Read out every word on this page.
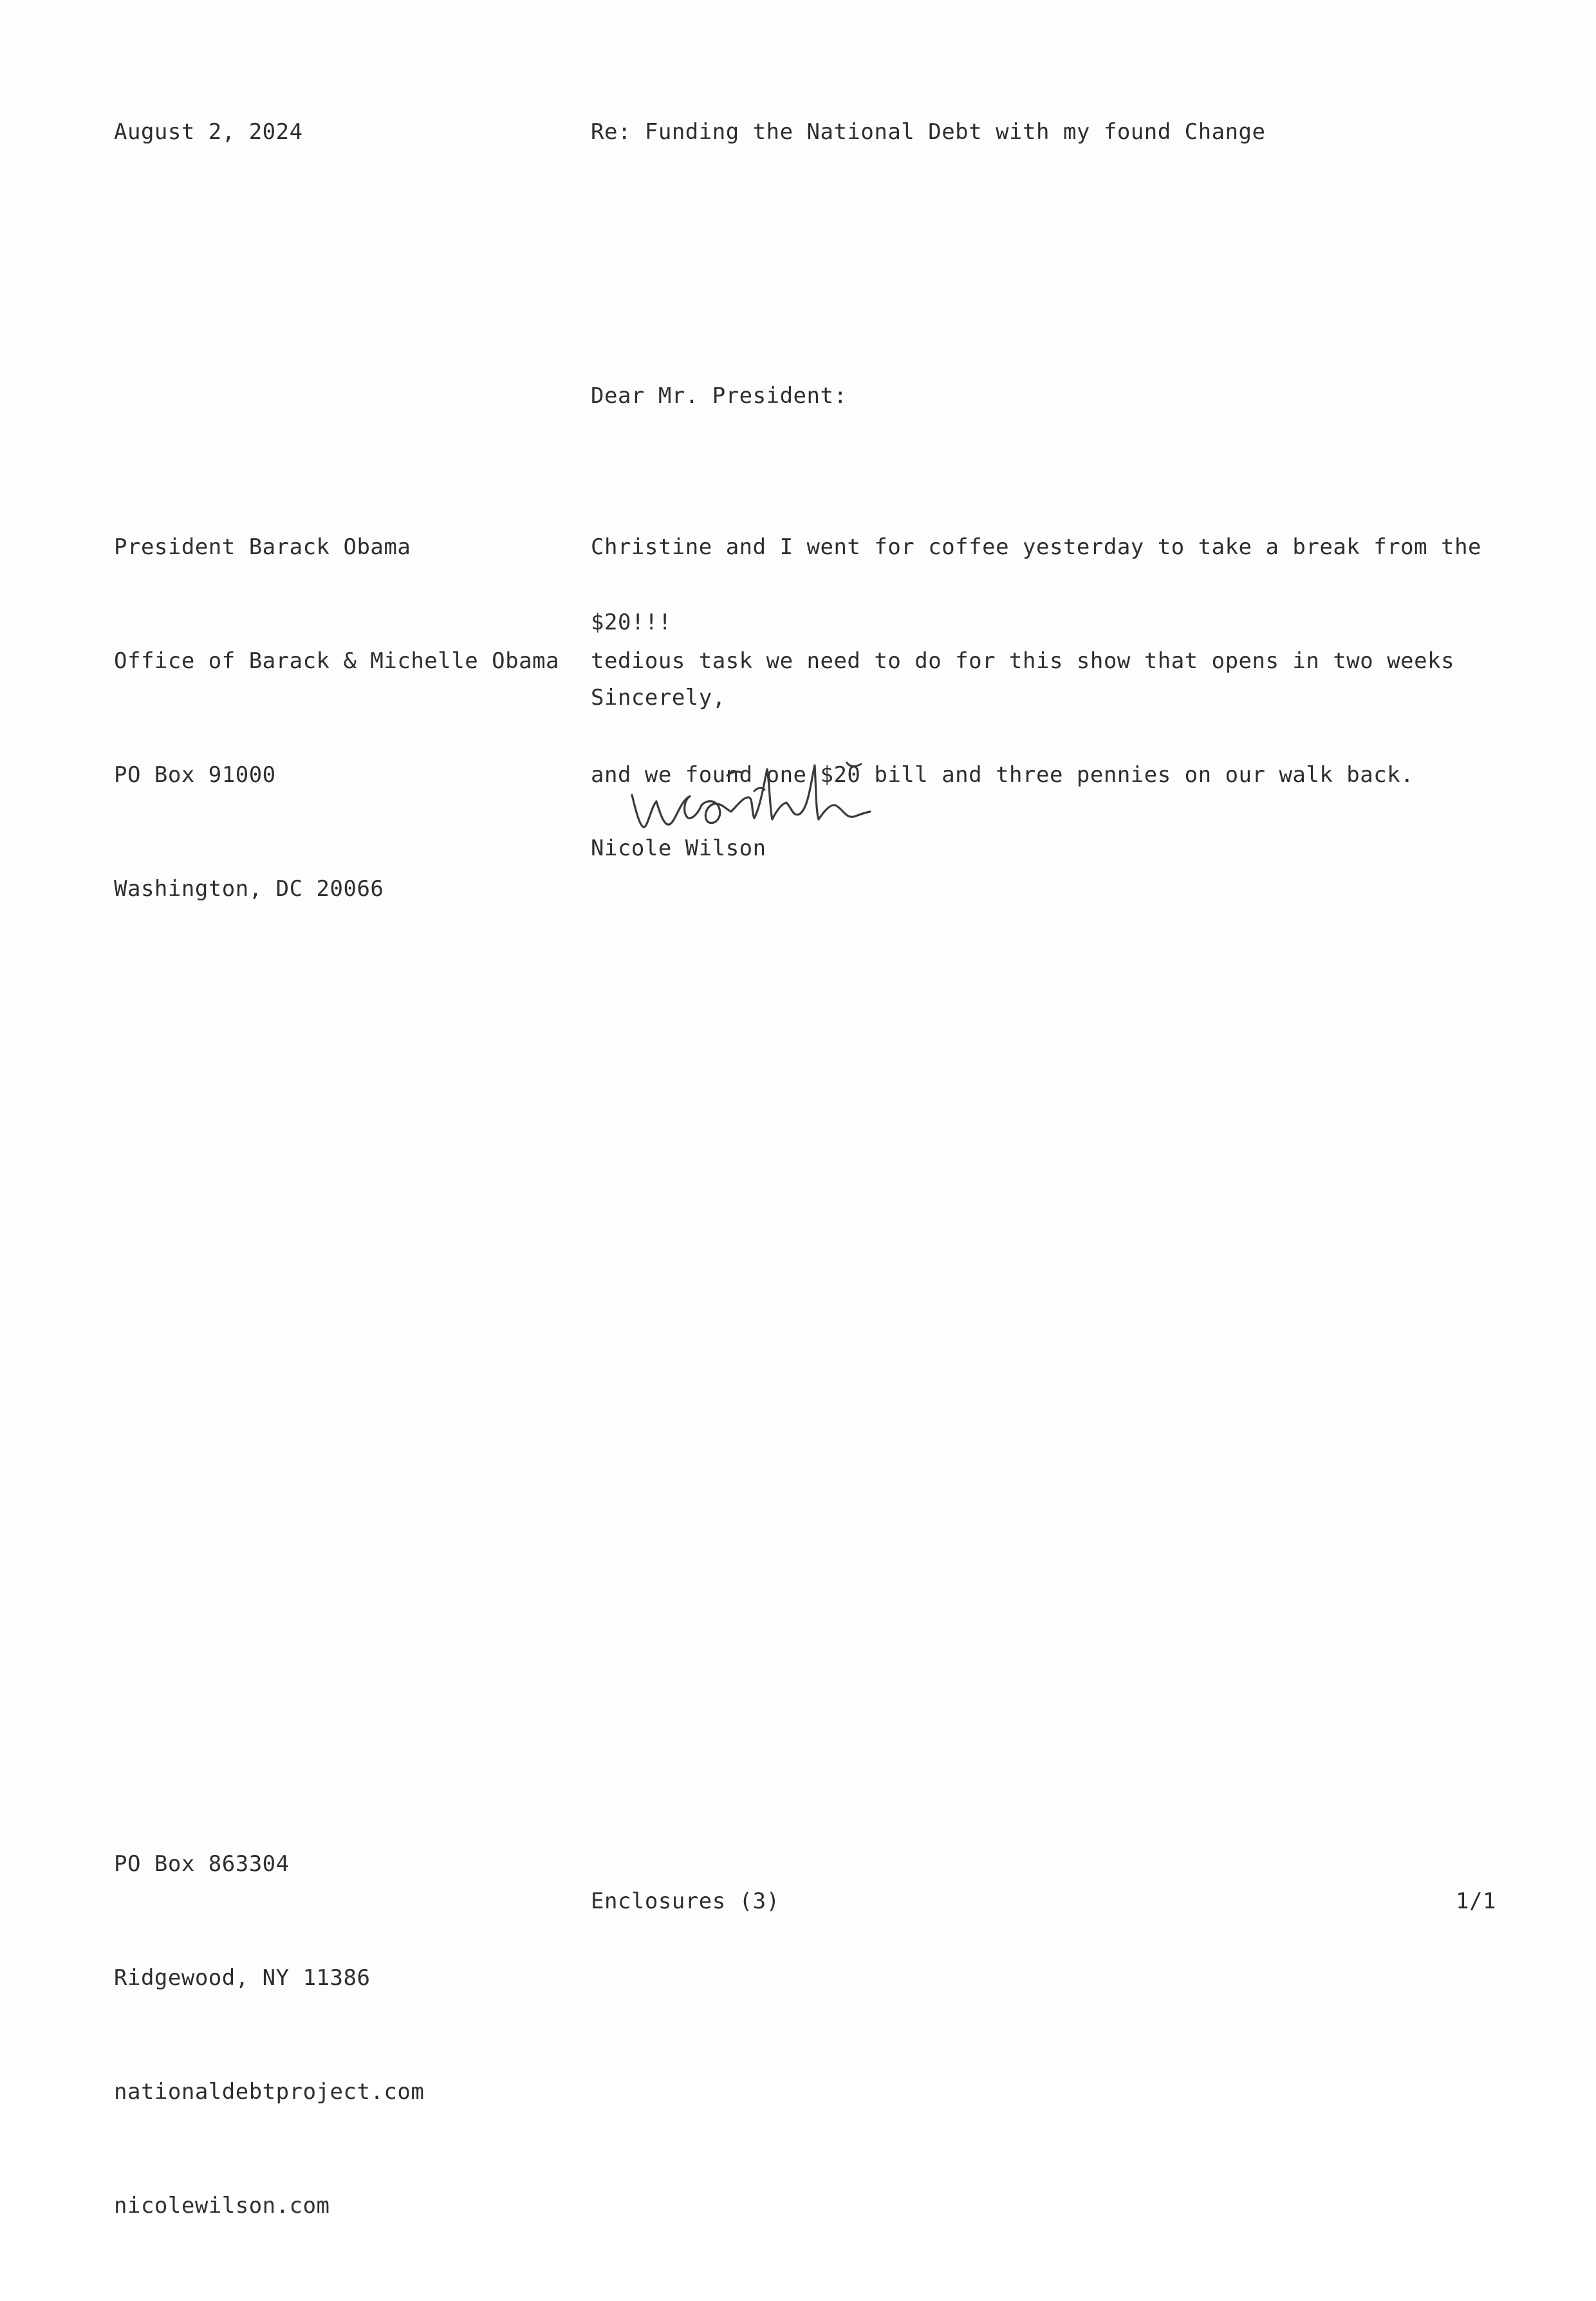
August 2, 2024	Re: Funding the National Debt with my found Change
Dear Mr. President:

President Barack Obama

Office of Barack & Michelle Obama

PO Box 91000

Washington, DC 20066

Christine and I went for coffee yesterday to take a break from the

tedious task we need to do for this show that opens in two weeks

and we found one $20 bill and three pennies on our walk back.

$20!!!
Sincerely,
Nicole Wilson

PO Box 863304

Ridgewood, NY 11386

nationaldebtproject.com

nicolewilson.com

Enclosures (3)	1/1
